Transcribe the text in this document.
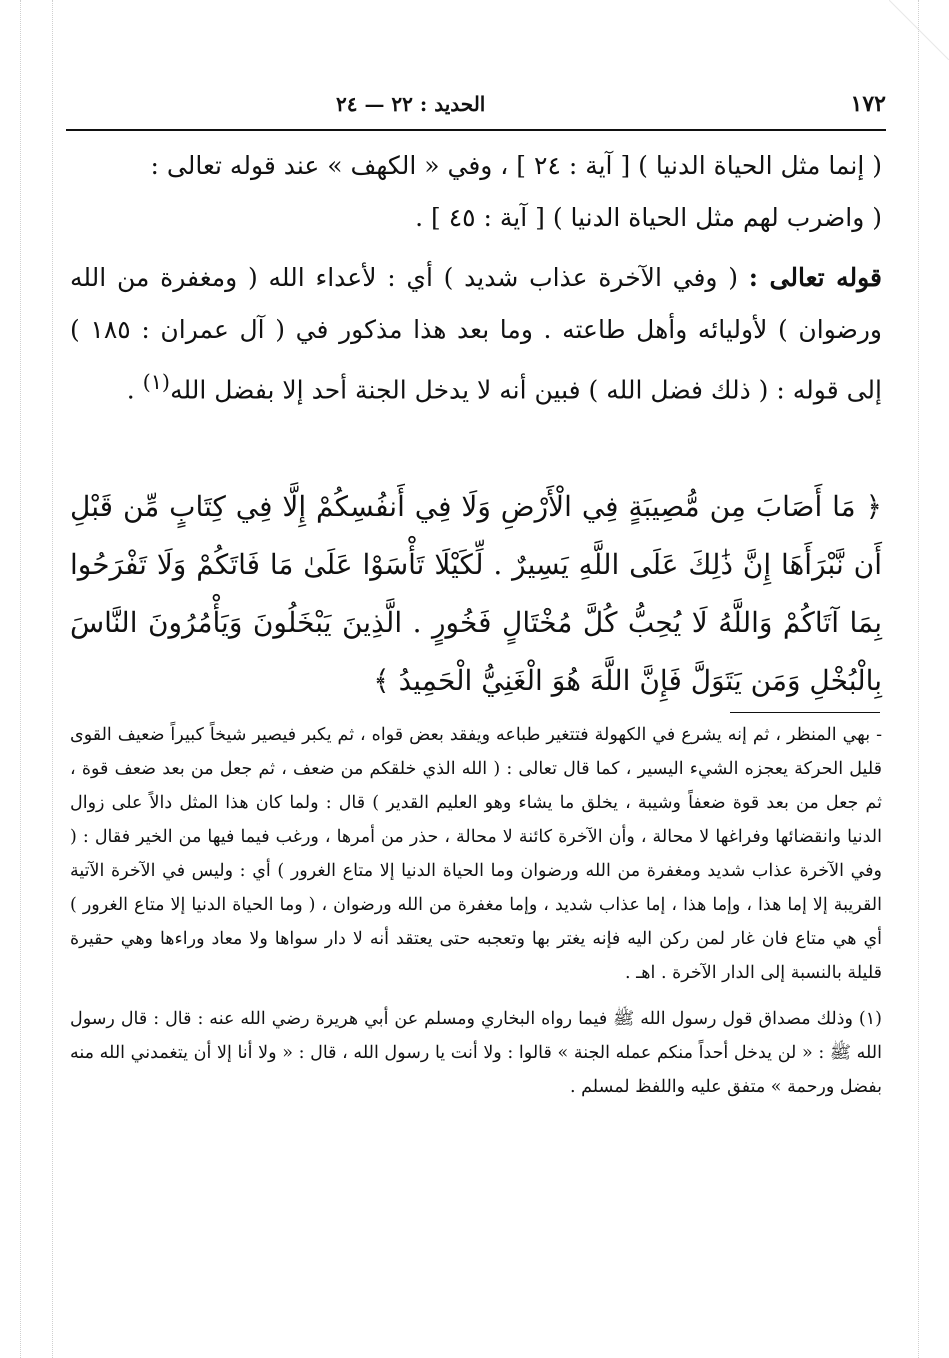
١٧٢
الحديد : ٢٢ — ٢٤

( إنما مثل الحياة الدنيا ) [ آية : ٢٤ ] ، وفي « الكهف » عند قوله تعالى :

( واضرب لهم مثل الحياة الدنيا ) [ آية : ٤٥ ] .

قوله تعالى : ( وفي الآخرة عذاب شديد ) أي : لأعداء الله ( ومغفرة من الله ورضوان ) لأوليائه وأهل طاعته . وما بعد هذا مذكور في ( آل عمران : ١٨٥ ) إلى قوله : ( ذلك فضل الله ) فبين أنه لا يدخل الجنة أحد إلا بفضل الله$^{(١)}$ .

﴿ مَا أَصَابَ مِن مُّصِيبَةٍ فِي الْأَرْضِ وَلَا فِي أَنفُسِكُمْ إِلَّا فِي كِتَابٍ مِّن قَبْلِ أَن نَّبْرَأَهَا إِنَّ ذَٰلِكَ عَلَى اللَّهِ يَسِيرٌ . لِّكَيْلَا تَأْسَوْا عَلَىٰ مَا فَاتَكُمْ وَلَا تَفْرَحُوا بِمَا آتَاكُمْ وَاللَّهُ لَا يُحِبُّ كُلَّ مُخْتَالٍ فَخُورٍ . الَّذِينَ يَبْخَلُونَ وَيَأْمُرُونَ النَّاسَ بِالْبُخْلِ وَمَن يَتَوَلَّ فَإِنَّ اللَّهَ هُوَ الْغَنِيُّ الْحَمِيدُ ﴾

- بهي المنظر ، ثم إنه يشرع في الكهولة فتتغير طباعه ويفقد بعض قواه ، ثم يكبر فيصير شيخاً كبيراً ضعيف القوى قليل الحركة يعجزه الشيء اليسير ، كما قال تعالى : ( الله الذي خلقكم من ضعف ، ثم جعل من بعد ضعف قوة ، ثم جعل من بعد قوة ضعفاً وشيبة ، يخلق ما يشاء وهو العليم القدير ) قال : ولما كان هذا المثل دالاً على زوال الدنيا وانقضائها وفراغها لا محالة ، وأن الآخرة كائنة لا محالة ، حذر من أمرها ، ورغب فيما فيها من الخير فقال : ( وفي الآخرة عذاب شديد ومغفرة من الله ورضوان وما الحياة الدنيا إلا متاع الغرور ) أي : وليس في الآخرة الآتية القريبة إلا إما هذا ، وإما هذا ، إما عذاب شديد ، وإما مغفرة من الله ورضوان ، ( وما الحياة الدنيا إلا متاع الغرور ) أي هي متاع فان غار لمن ركن اليه فإنه يغتر بها وتعجبه حتى يعتقد أنه لا دار سواها ولا معاد وراءها وهي حقيرة قليلة بالنسبة إلى الدار الآخرة . اهـ .

(١) وذلك مصداق قول رسول الله ﷺ فيما رواه البخاري ومسلم عن أبي هريرة رضي الله عنه : قال : قال رسول الله ﷺ : « لن يدخل أحداً منكم عمله الجنة » قالوا : ولا أنت يا رسول الله ، قال : « ولا أنا إلا أن يتغمدني الله منه بفضل ورحمة » متفق عليه واللفظ لمسلم .
